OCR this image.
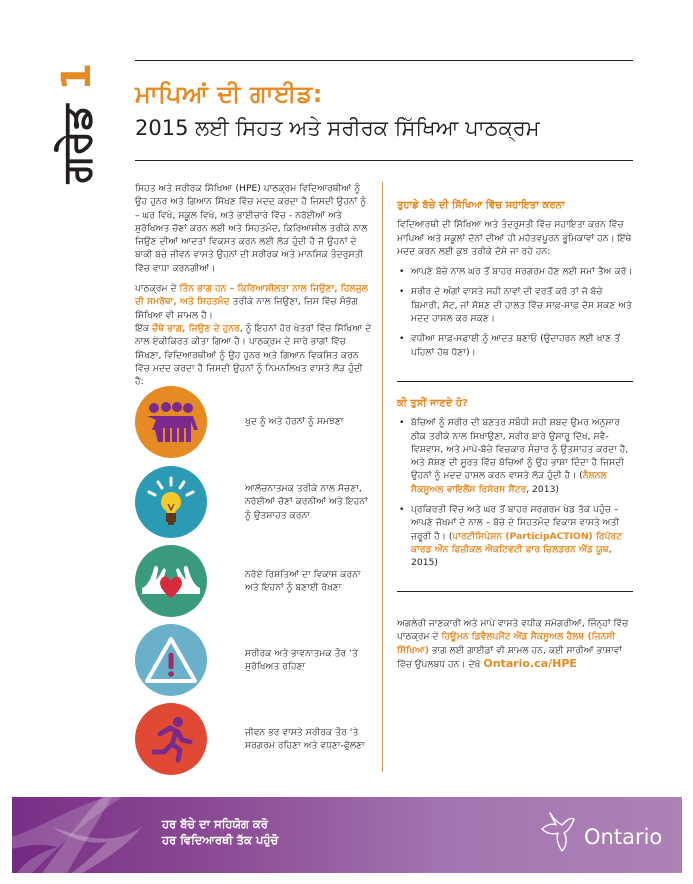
ਗਰੇਡ1
ਮਾਪਿਆਂ ਦੀ ਗਾਈਡ:
2015 ਲਈ ਸਿਹਤ ਅਤੇ ਸਰੀਰਕ ਸਿੱਖਿਆ ਪਾਠਕ੍ਰਮ

ਸਿਹਤ ਅਤੇ ਸਰੀਰਕ ਸਿੱਖਿਆ (HPE) ਪਾਠਕ੍ਰਮ ਵਿਦਿਆਰਥੀਆਂ ਨੂੰ ਉਹ ਹੁਨਰ ਅਤੇ ਗਿਆਨ ਸਿੱਖਣ ਵਿੱਚ ਮਦਦ ਕਰਦਾ ਹੈ ਜਿਸਦੀ ਉਹਨਾਂ ਨੂੰ – ਘਰ ਵਿਖੇ, ਸਕੂਲ ਵਿਖੇ, ਅਤੇ ਭਾਈਚਾਰੇ ਵਿੱਚ - ਨਰੋਈਆਂ ਅਤੇ ਸੁਰੱਖਿਅਤ ਚੋਣਾਂ ਕਰਨ ਲਈ ਅਤੇ ਸਿਹਤਮੰਦ, ਕਿਰਿਆਸ਼ੀਲ ਤਰੀਕੇ ਨਾਲ ਜਿਉਣ ਦੀਆਂ ਆਦਤਾਂ ਵਿਕਸਤ ਕਰਨ ਲਈ ਲੋੜ ਹੁੰਦੀ ਹੈ ਜੋ ਉਹਨਾਂ ਦੇ ਬਾਕੀ ਬਚੇ ਜੀਵਨ ਵਾਸਤੇ ਉਹਨਾਂ ਦੀ ਸਰੀਰਕ ਅਤੇ ਮਾਨਸਿਕ ਤੰਦਰੁਸਤੀ ਵਿੱਚ ਵਾਧਾ ਕਰਨਗੀਆਂ।

ਪਾਠਕ੍ਰਮ ਦੇ ਤਿੰਨ ਭਾਗ ਹਨ – ਕਿਰਿਆਸ਼ੀਲਤਾ ਨਾਲ ਜਿਉਣਾ, ਹਿਲਜੁਲ ਦੀ ਸਮਰੱਥਾ, ਅਤੇ ਸਿਹਤਮੰਦ ਤਰੀਕੇ ਨਾਲ ਜਿਉਣਾ, ਜਿਸ ਵਿੱਚ ਸੰਭੋਗ ਸਿੱਖਿਆ ਵੀ ਸ਼ਾਮਲ ਹੈ।

ਇੱਕ ਚੌਥੇ ਭਾਗ, ਜਿਉਣ ਦੇ ਹੁਨਰ, ਨੂੰ ਇਹਨਾਂ ਹੋਰ ਖੇਤਰਾਂ ਵਿੱਚ ਸਿੱਖਿਆ ਦੇ ਨਾਲ ਏਕੀਕਿਰਤ ਕੀਤਾ ਗਿਆ ਹੈ। ਪਾਠਕ੍ਰਮ ਦੇ ਸਾਰੇ ਭਾਗਾਂ ਵਿੱਚ ਸਿੱਖਣਾ, ਵਿਦਿਆਰਥੀਆਂ ਨੂੰ ਉਹ ਹੁਨਰ ਅਤੇ ਗਿਆਨ ਵਿਕਸਿਤ ਕਰਨ ਵਿੱਚ ਮਦਦ ਕਰਦਾ ਹੈ ਜਿਸਦੀ ਉਹਨਾਂ ਨੂੰ ਨਿਮਨਲਿਖਤ ਵਾਸਤੇ ਲੋੜ ਹੁੰਦੀ ਹੈ:

ਖੁਦ ਨੂੰ ਅਤੇ ਹੋਰਨਾਂ ਨੂੰ ਸਮਝਣਾ
ਆਲੋਚਨਾਤਮਕ ਤਰੀਕੇ ਨਾਲ ਸੋਚਣਾ, ਨਰੋਈਆਂ ਚੋਣਾਂ ਕਰਨੀਆਂ ਅਤੇ ਇਹਨਾਂ ਨੂੰ ਉਤਸ਼ਾਹਤ ਕਰਨਾ
ਨਰੋਏ ਰਿਸ਼ਤਿਆਂ ਦਾ ਵਿਕਾਸ ਕਰਨਾ ਅਤੇ ਇਹਨਾਂ ਨੂੰ ਬਣਾਈ ਰੱਖਣਾ
ਸਰੀਰਕ ਅਤੇ ਭਾਵਨਾਤਮਕ ਤੌਰ ‘ਤੇ ਸੁਰੱਖਿਅਤ ਰਹਿਣਾ
ਜੀਵਨ ਭਰ ਵਾਸਤੇ ਸਰੀਰਕ ਤੌਰ ‘ਤੇ ਸਰਗਰਮ ਰਹਿਣਾ ਅਤੇ ਵਧਣਾ-ਫੁੱਲਣਾ
ਤੁਹਾਡੇ ਬੱਚੇ ਦੀ ਸਿੱਖਿਆ ਵਿੱਚ ਸਹਾਇਤਾ ਕਰਨਾ

ਵਿਦਿਆਰਥੀ ਦੀ ਸਿੱਖਿਆ ਅਤੇ ਤੰਦਰੁਸਤੀ ਵਿੱਚ ਸਹਾਇਤਾ ਕਰਨ ਵਿੱਚ ਮਾਪਿਆਂ ਅਤੇ ਸਕੂਲਾਂ ਦੋਨਾਂ ਦੀਆਂ ਹੀ ਮਹੱਤਵਪੂਰਨ ਭੂਮਿਕਾਵਾਂ ਹਨ। ਇੱਥੇ ਮਦਦ ਕਰਨ ਲਈ ਕੁਝ ਤਰੀਕੇ ਦੱਸੇ ਜਾ ਰਹੇ ਹਨ:

• ਆਪਣੇ ਬੱਚੇ ਨਾਲ ਘਰ ਤੋਂ ਬਾਹਰ ਸਰਗਰਮ ਹੋਣ ਲਈ ਸਮਾਂ ਤੈਅ ਕਰੋ।
• ਸਰੀਰ ਦੇ ਅੰਗਾਂ ਵਾਸਤੇ ਸਹੀ ਨਾਵਾਂ ਦੀ ਵਰਤੋਂ ਕਰੋ ਤਾਂ ਜੋ ਬੱਚੇ ਬਿਮਾਰੀ, ਸੱਟ, ਜਾਂ ਸ਼ੋਸ਼ਣ ਦੀ ਹਾਲਤ ਵਿੱਚ ਸਾਫ਼-ਸਾਫ਼ ਦੱਸ ਸਕਣ ਅਤੇ ਮਦਦ ਹਾਸਲ ਕਰ ਸਕਣ।
• ਵਧੀਆ ਸਾਫ਼-ਸਫ਼ਾਈ ਨੂੰ ਆਦਤ ਬਣਾਓ (ਉਦਾਹਰਨ ਲਈ ਖਾਣ ਤੋਂ ਪਹਿਲਾਂ ਹੱਥ ਧੋਣਾ)।
ਕੀ ਤੁਸੀਂ ਜਾਣਦੇ ਹੋ?
• ਬੱਚਿਆਂ ਨੂੰ ਸਰੀਰ ਦੀ ਬਣਤਰ ਸਬੰਧੀ ਸਹੀ ਸ਼ਬਦ ਉਮਰ ਅਨੁਸਾਰ ਠੀਕ ਤਰੀਕੇ ਨਾਲ ਸਿਖਾਉਣਾ, ਸਰੀਰ ਬਾਰੇ ਉਸਾਰੂ ਦਿੱਖ, ਸਵੈ-ਵਿਸ਼ਵਾਸ, ਅਤੇ ਮਾਪੇ-ਬੱਚੇ ਵਿਚਕਾਰ ਸੰਚਾਰ ਨੂੰ ਉਤਸ਼ਾਹਤ ਕਰਦਾ ਹੈ, ਅਤੇ ਸ਼ੋਸ਼ਣ ਦੀ ਸੂਰਤ ਵਿੱਚ ਬੱਚਿਆਂ ਨੂੰ ਉਹ ਭਾਸ਼ਾ ਦਿੰਦਾ ਹੈ ਜਿਸਦੀ ਉਹਨਾਂ ਨੂੰ ਮਦਦ ਹਾਸਲ ਕਰਨ ਵਾਸਤੇ ਲੋੜ ਹੁੰਦੀ ਹੈ। (ਨੈਸ਼ਨਲ ਸੈਕਸੂਅਲ ਵਾਇਲੈਂਸ ਰਿਸੋਰਸ ਸੈਂਟਰ, 2013)
• ਪ੍ਰਕਿਰਤੀ ਵਿੱਚ ਅਤੇ ਘਰ ਤੋਂ ਬਾਹਰ ਸਰਗਰਮ ਖੇਡ ਤੱਕ ਪਹੁੰਚ – ਆਪਣੇ ਜੋਖਮਾਂ ਦੇ ਨਾਲ – ਬੱਚੇ ਦੇ ਸਿਹਤਮੰਦ ਵਿਕਾਸ ਵਾਸਤੇ ਅਤੀ ਜ਼ਰੂਰੀ ਹੈ। (ਪਾਰਟੀਸਿਪੇਸ਼ਨ (ParticipACTION) ਰਿਪੋਰਟ ਕਾਰਡ ਔਨ ਫਿਜ਼ੀਕਲ ਐਕਟਿਵਟੀ ਫਾਰ ਚਿਲਡਰਨ ਐਂਡ ਯੂਥ, 2015)

ਅਗਲੇਰੀ ਜਾਣਕਾਰੀ ਅਤੇ ਮਾਪੇ ਵਾਸਤੇ ਵਧੀਕ ਸਮੱਗਰੀਆਂ, ਜਿੰਨ੍ਹਾਂ ਵਿੱਚ ਪਾਠਕ੍ਰਮ ਦੇ ਹਿਊਮਨ ਡਿਵੈਲਪਮੈਂਟ ਐਂਡ ਸੈਕਸੂਅਲ ਹੈਲਥ (ਜਿਨਸੀ ਸਿੱਖਿਆ) ਭਾਗ ਲਈ ਗਾਈਡਾਂ ਵੀ ਸ਼ਾਮਲ ਹਨ, ਕਈ ਸਾਰੀਆਂ ਭਾਸ਼ਾਵਾਂ ਵਿੱਚ ਉਪਲਬਧ ਹਨ। ਦੇਖੋ Ontario.ca/HPE

ਹਰ ਬੱਚੇ ਦਾ ਸਹਿਯੋਗ ਕਰੋ
ਹਰ ਵਿਦਿਆਰਥੀ ਤੱਕ ਪਹੁੰਚੋ	Ontario
